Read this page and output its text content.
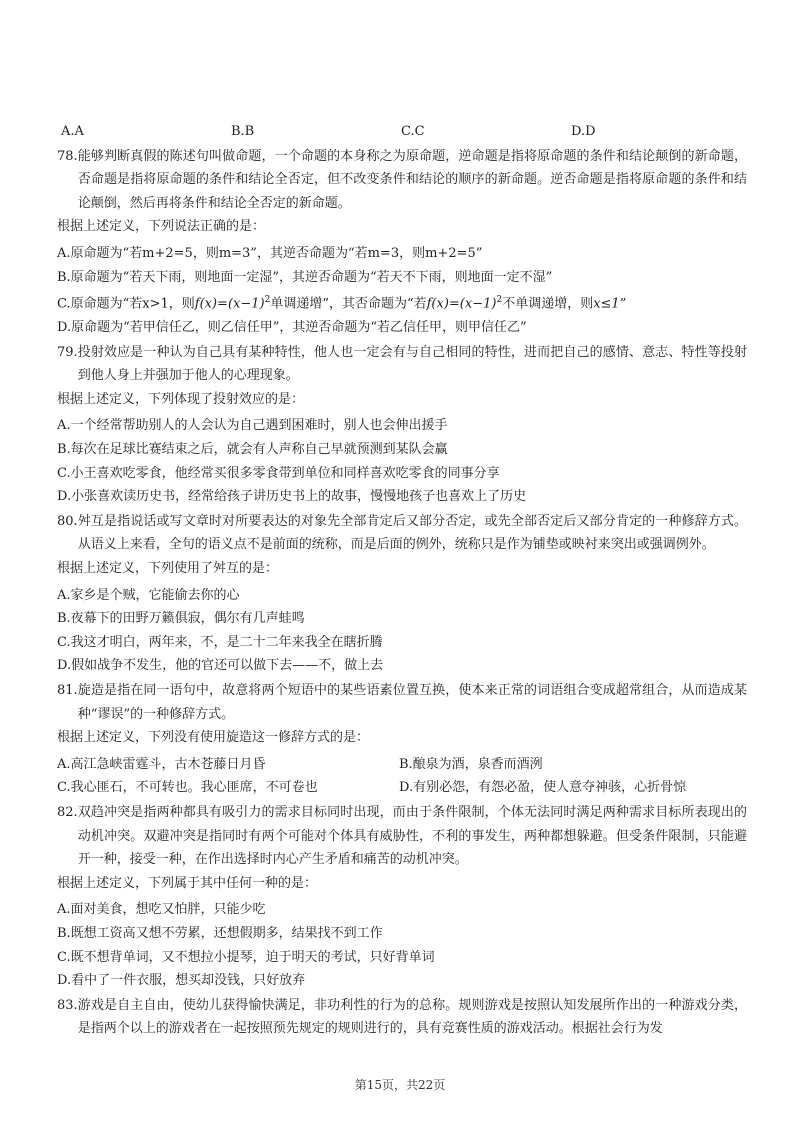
A.A	B.B	C.C	D.D

78.能够判断真假的陈述句叫做命题，一个命题的本身称之为原命题，逆命题是指将原命题的条件和结论颠倒的新命题，否命题是指将原命题的条件和结论全否定，但不改变条件和结论的顺序的新命题。逆否命题是指将原命题的条件和结论颠倒，然后再将条件和结论全否定的新命题。

根据上述定义，下列说法正确的是：

A.原命题为“若m+2=5，则m=3”，其逆否命题为“若m=3，则m+2=5”

B.原命题为“若天下雨，则地面一定湿”，其逆否命题为“若天不下雨，则地面一定不湿”

C.原命题为“若x>1，则$f(x)=(x-1)^2$单调递增”，其否命题为“若$f(x)=(x-1)^2$不单调递增，则x≤1”

D.原命题为“若甲信任乙，则乙信任甲”，其逆否命题为“若乙信任甲，则甲信任乙”

79.投射效应是一种认为自己具有某种特性，他人也一定会有与自己相同的特性，进而把自己的感情、意志、特性等投射到他人身上并强加于他人的心理现象。

根据上述定义，下列体现了投射效应的是：

A.一个经常帮助别人的人会认为自己遇到困难时，别人也会伸出援手

B.每次在足球比赛结束之后，就会有人声称自己早就预测到某队会赢

C.小王喜欢吃零食，他经常买很多零食带到单位和同样喜欢吃零食的同事分享

D.小张喜欢读历史书，经常给孩子讲历史书上的故事，慢慢地孩子也喜欢上了历史

80.舛互是指说话或写文章时对所要表达的对象先全部肯定后又部分否定，或先全部否定后又部分肯定的一种修辞方式。从语义上来看，全句的语义点不是前面的统称，而是后面的例外，统称只是作为铺垫或映衬来突出或强调例外。

根据上述定义，下列使用了舛互的是：

A.家乡是个贼，它能偷去你的心

B.夜幕下的田野万籁俱寂，偶尔有几声蛙鸣

C.我这才明白，两年来，不，是二十二年来我全在瞎折腾

D.假如战争不发生，他的官还可以做下去——不，做上去

81.旋造是指在同一语句中，故意将两个短语中的某些语素位置互换，使本来正常的词语组合变成超常组合，从而造成某种“谬误”的一种修辞方式。

根据上述定义，下列没有使用旋造这一修辞方式的是：

A.高江急峡雷霆斗，古木苍藤日月昏	B.酿泉为酒，泉香而酒洌

C.我心匪石，不可转也。我心匪席，不可卷也	D.有别必怨，有怨必盈，使人意夺神骇，心折骨惊

82.双趋冲突是指两种都具有吸引力的需求目标同时出现，而由于条件限制，个体无法同时满足两种需求目标所表现出的动机冲突。双避冲突是指同时有两个可能对个体具有威胁性，不利的事发生，两种都想躲避。但受条件限制，只能避开一种，接受一种，在作出选择时内心产生矛盾和痛苦的动机冲突。

根据上述定义，下列属于其中任何一种的是：

A.面对美食，想吃又怕胖，只能少吃

B.既想工资高又想不劳累，还想假期多，结果找不到工作

C.既不想背单词，又不想拉小提琴，迫于明天的考试，只好背单词

D.看中了一件衣服，想买却没钱，只好放弃

83.游戏是自主自由，使幼儿获得愉快满足，非功利性的行为的总称。规则游戏是按照认知发展所作出的一种游戏分类，是指两个以上的游戏者在一起按照预先规定的规则进行的，具有竞赛性质的游戏活动。根据社会行为发

第15页，共22页
